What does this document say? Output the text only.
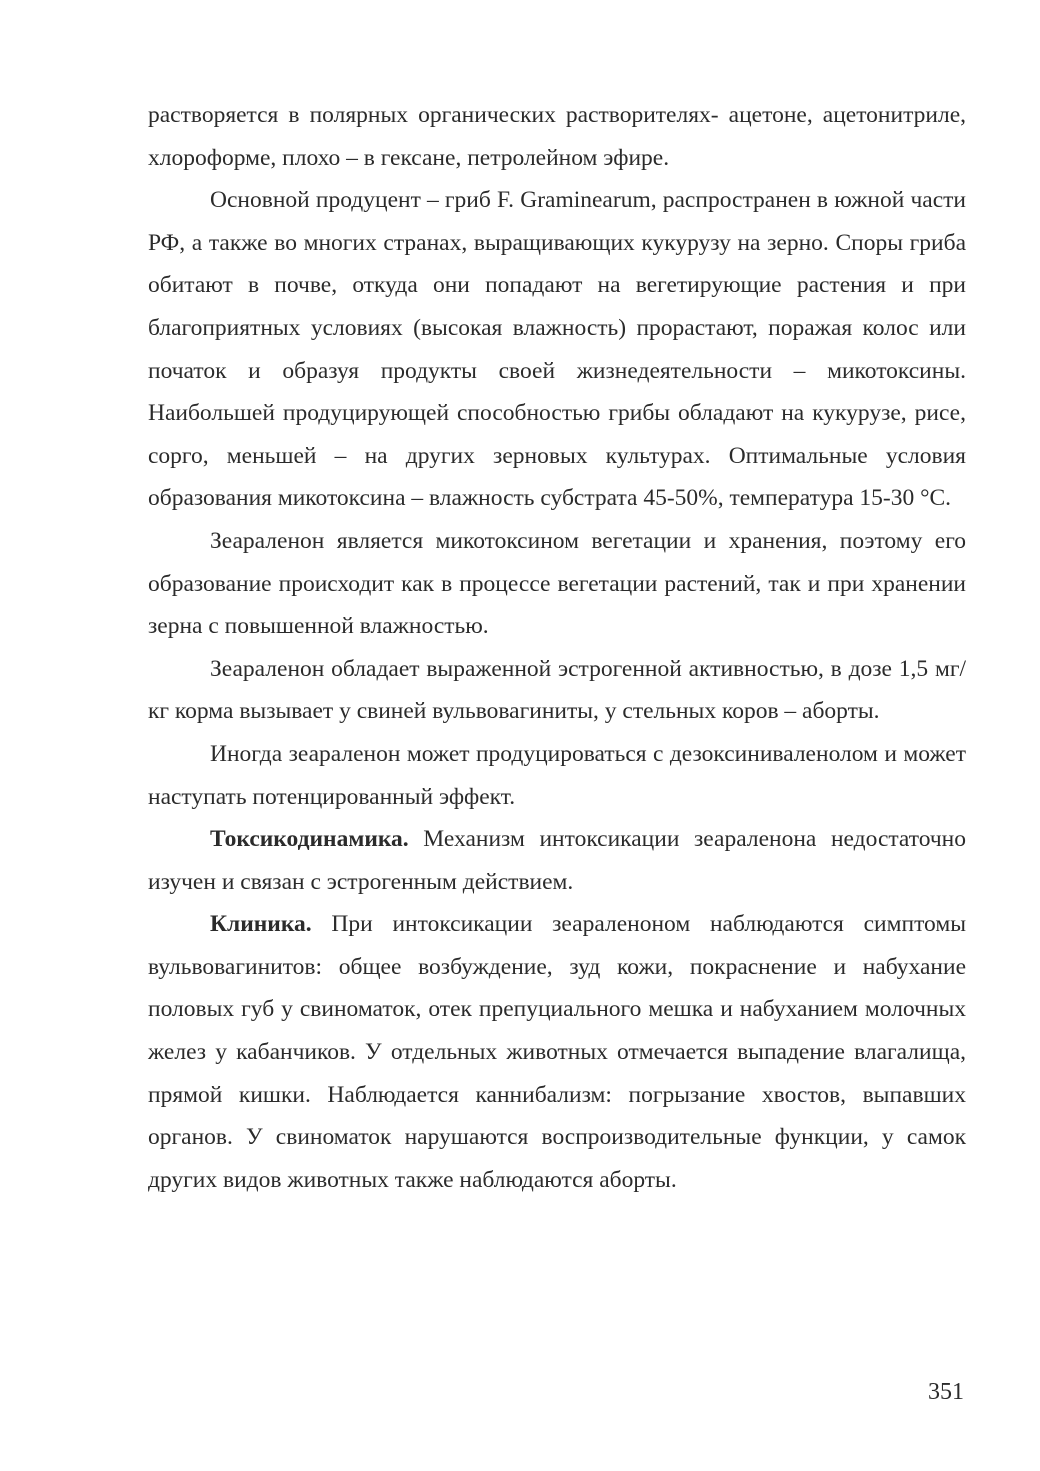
растворяется в полярных органических растворителях- ацетоне, ацетонитриле, хлороформе, плохо – в гексане, петролейном эфире.

Основной продуцент – гриб F. Graminearum, распространен в южной части РФ, а также во многих странах, выращивающих кукурузу на зерно. Споры гриба обитают в почве, откуда они попадают на вегетирующие растения и при благоприятных условиях (высокая влажность) прорастают, поражая колос или початок и образуя продукты своей жизнедеятельности – микотоксины. Наибольшей продуцирующей способностью грибы обладают на кукурузе, рисе, сорго, меньшей – на других зерновых культурах. Оптимальные условия образования микотоксина – влажность субстрата 45-50%, температура 15-30 °С.

Зеараленон является микотоксином вегетации и хранения, поэтому его образование происходит как в процессе вегетации растений, так и при хранении зерна с повышенной влажностью.

Зеараленон обладает выраженной эстрогенной активностью, в дозе 1,5 мг/кг корма вызывает у свиней вульвовагиниты, у стельных коров – аборты.

Иногда зеараленон может продуцироваться с дезоксиниваленолом и может наступать потенцированный эффект.

Токсикодинамика. Механизм интоксикации зеараленона недостаточно изучен и связан с эстрогенным действием.

Клиника. При интоксикации зеараленоном наблюдаются симптомы вульвовагинитов: общее возбуждение, зуд кожи, покраснение и набухание половых губ у свиноматок, отек препуциального мешка и набуханием молочных желез у кабанчиков. У отдельных животных отмечается выпадение влагалища, прямой кишки. Наблюдается каннибализм: погрызание хвостов, выпавших органов. У свиноматок нарушаются воспроизводительные функции, у самок других видов животных также наблюдаются аборты.

351
